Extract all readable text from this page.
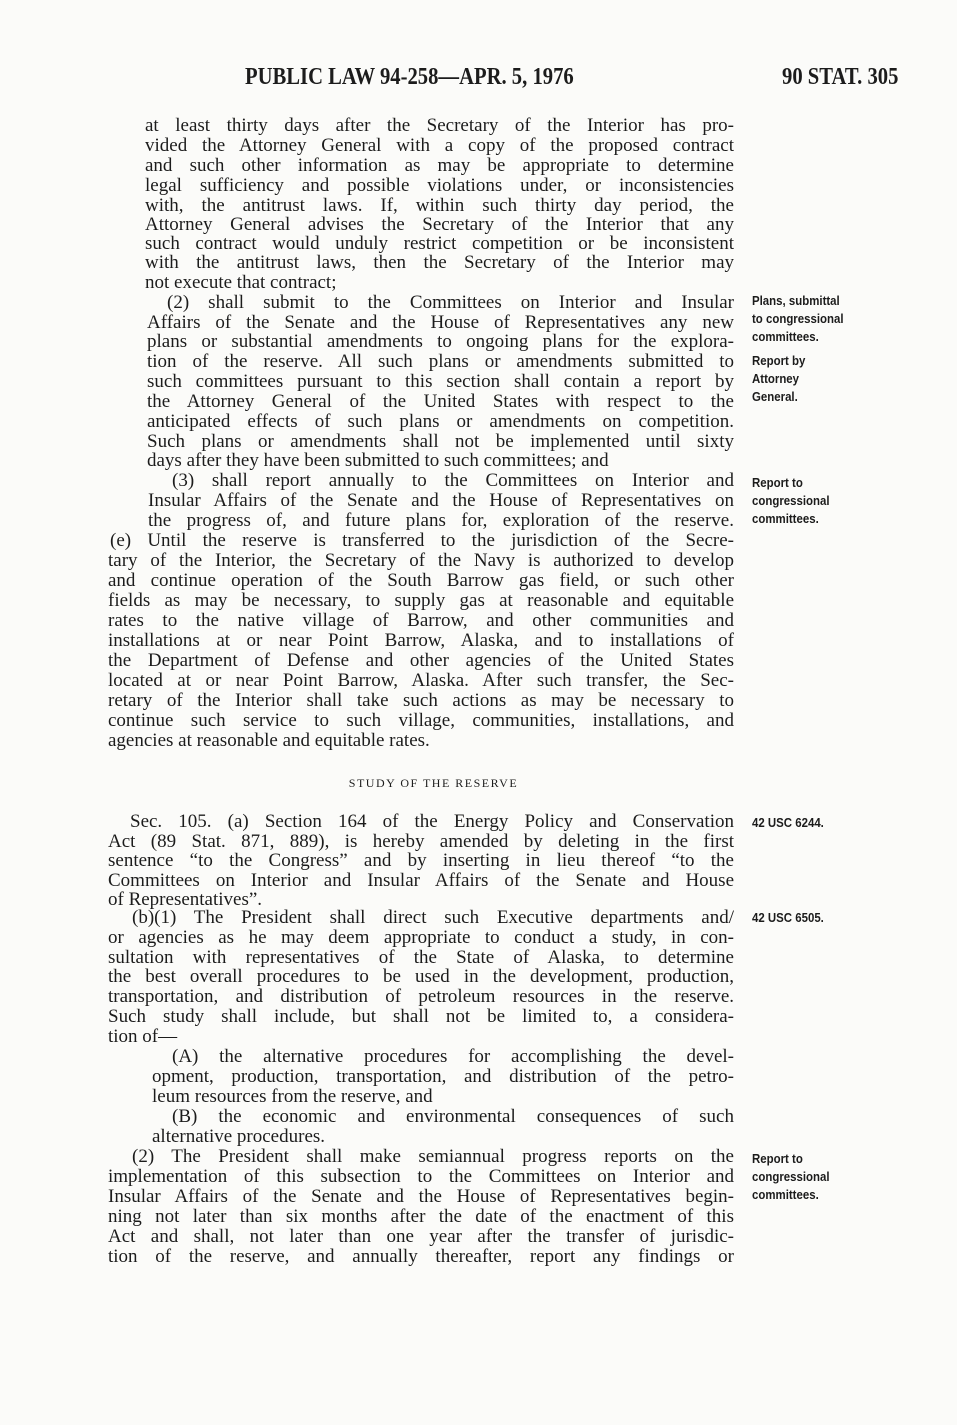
PUBLIC LAW 94-258—APR. 5, 1976	90 STAT. 305
STUDY OF THE RESERVE
at least thirty days after the Secretary of the Interior has pro-
vided the Attorney General with a copy of the proposed contract
and such other information as may be appropriate to determine
legal sufficiency and possible violations under, or inconsistencies
with, the antitrust laws. If, within such thirty day period, the
Attorney General advises the Secretary of the Interior that any
such contract would unduly restrict competition or be inconsistent
with the antitrust laws, then the Secretary of the Interior may
not execute that contract;
(2) shall submit to the Committees on Interior and Insular
Affairs of the Senate and the House of Representatives any new
plans or substantial amendments to ongoing plans for the explora-
tion of the reserve. All such plans or amendments submitted to
such committees pursuant to this section shall contain a report by
the Attorney General of the United States with respect to the
anticipated effects of such plans or amendments on competition.
Such plans or amendments shall not be implemented until sixty
days after they have been submitted to such committees; and
(3) shall report annually to the Committees on Interior and
Insular Affairs of the Senate and the House of Representatives on
the progress of, and future plans for, exploration of the reserve.
(e) Until the reserve is transferred to the jurisdiction of the Secre-
tary of the Interior, the Secretary of the Navy is authorized to develop
and continue operation of the South Barrow gas field, or such other
fields as may be necessary, to supply gas at reasonable and equitable
rates to the native village of Barrow, and other communities and
installations at or near Point Barrow, Alaska, and to installations of
the Department of Defense and other agencies of the United States
located at or near Point Barrow, Alaska. After such transfer, the Sec-
retary of the Interior shall take such actions as may be necessary to
continue such service to such village, communities, installations, and
agencies at reasonable and equitable rates.
Sec. 105. (a) Section 164 of the Energy Policy and Conservation
Act (89 Stat. 871, 889), is hereby amended by deleting in the first
sentence “to the Congress” and by inserting in lieu thereof “to the
Committees on Interior and Insular Affairs of the Senate and House
of Representatives”.
(b)(1) The President shall direct such Executive departments and/
or agencies as he may deem appropriate to conduct a study, in con-
sultation with representatives of the State of Alaska, to determine
the best overall procedures to be used in the development, production,
transportation, and distribution of petroleum resources in the reserve.
Such study shall include, but shall not be limited to, a considera-
tion of—
(A) the alternative procedures for accomplishing the devel-
opment, production, transportation, and distribution of the petro-
leum resources from the reserve, and
(B) the economic and environmental consequences of such
alternative procedures.
(2) The President shall make semiannual progress reports on the
implementation of this subsection to the Committees on Interior and
Insular Affairs of the Senate and the House of Representatives begin-
ning not later than six months after the date of the enactment of this
Act and shall, not later than one year after the transfer of jurisdic-
tion of the reserve, and annually thereafter, report any findings or
Plans, submittal
to congressional
committees.
Report by
Attorney
General.
Report to
congressional
committees.
42 USC 6244.
42 USC 6505.
Report to
congressional
committees.
